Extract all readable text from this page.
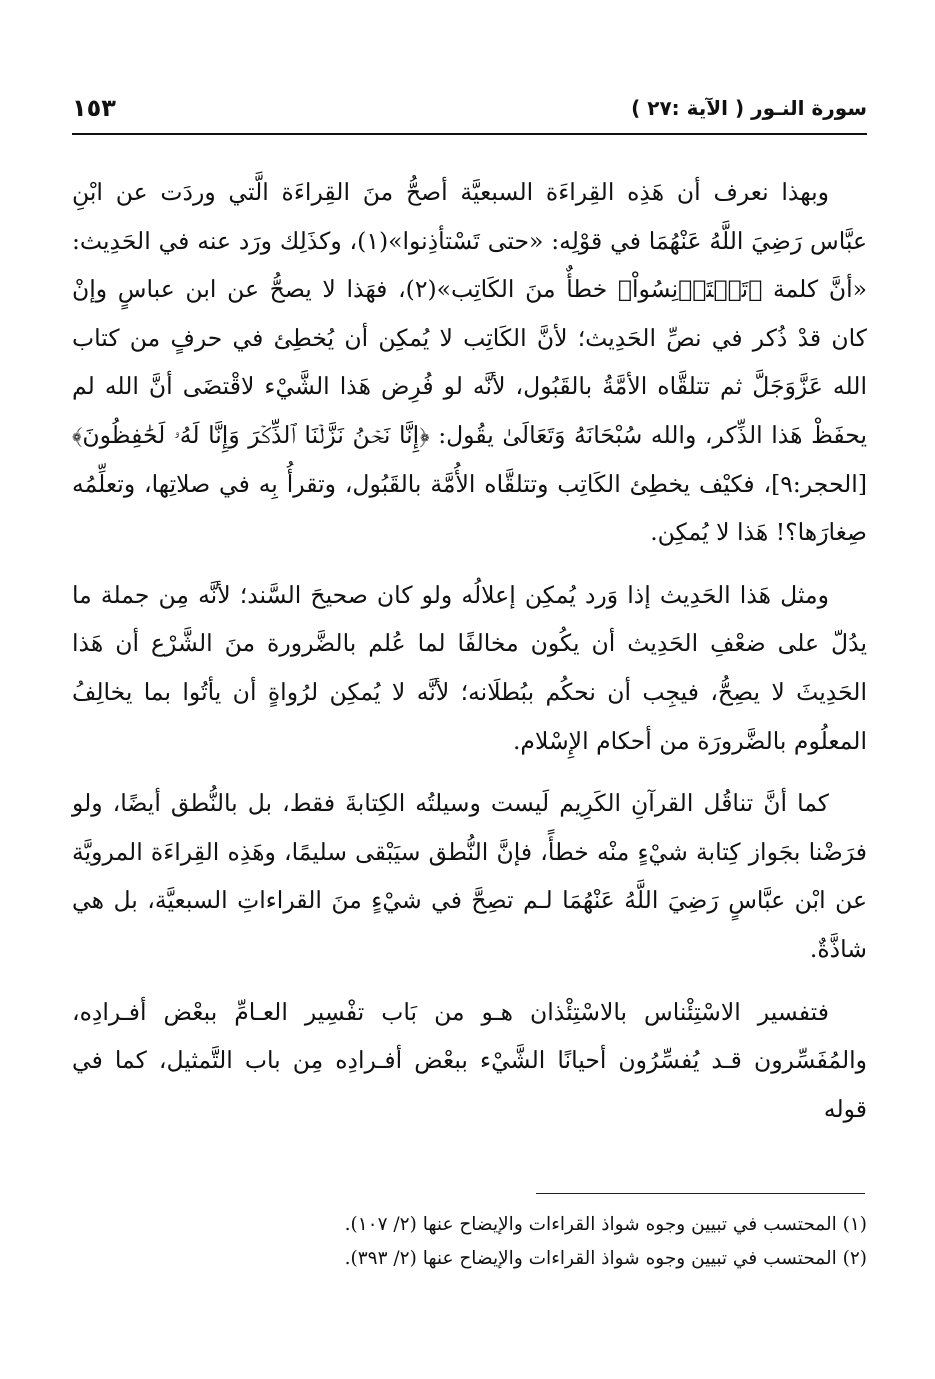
سورة النـور ( الآية :٢٧ )
١٥٣

وبهذا نعرف أن هَذِه القِراءَة السبعيَّة أصحُّ منَ القِراءَة الَّتي وردَت عن ابْنِ عبَّاس رَضِيَ اللَّهُ عَنْهُمَا في قوْلِه: «حتى تَسْتأذِنوا»(١)، وكذَلِك ورَد عنه في الحَدِيث: «أنَّ كلمة ﴿تَسۡتَأۡنِسُواْ﴾ خطأٌ منَ الكَاتِب»(٢)، فهَذا لا يصحُّ عن ابن عباسٍ وإنْ كان قدْ ذُكر في نصِّ الحَدِيث؛ لأنَّ الكَاتِب لا يُمكِن أن يُخطِئ في حرفٍ من كتاب الله عَزَّوَجَلَّ ثم تتلقَّاه الأمَّةُ بالقَبُول، لأنَّه لو فُرِض هَذا الشَّيْء لاقْتضَى أنَّ الله لم يحفَظْ هَذا الذِّكر، والله سُبْحَانَهُ وَتَعَالَىٰ يقُول: ﴿إِنَّا نَحۡنُ نَزَّلۡنَا ٱلذِّكۡرَ وَإِنَّا لَهُۥ لَحَٰفِظُونَ﴾ [الحجر:٩]، فكيْف يخطِئ الكَاتِب وتتلقَّاه الأُمَّة بالقَبُول، وتقرأُ بِه في صلاتِها، وتعلِّمُه صِغارَها؟! هَذا لا يُمكِن.

ومثل هَذا الحَدِيث إذا وَرد يُمكِن إعلالُه ولو كان صحيحَ السَّند؛ لأنَّه مِن جملة ما يدُلّ على ضعْفِ الحَدِيث أن يكُون مخالفًا لما عُلم بالضَّرورة منَ الشَّرْع أن هَذا الحَدِيثَ لا يصِحُّ، فيجِب أن نحكُم ببُطلَانه؛ لأنَّه لا يُمكِن لرُواةٍ أن يأتُوا بما يخالِفُ المعلُوم بالضَّرورَة من أحكام الإِسْلام.

كما أنَّ تناقُل القرآنِ الكَرِيم لَيست وسيلتُه الكِتابةَ فقط، بل بالنُّطق أيضًا، ولو فرَضْنا بجَواز كِتابة شيْءٍ منْه خطأً، فإنَّ النُّطق سيَبْقى سليمًا، وهَذِه القِراءَة المرويَّة عن ابْن عبَّاسٍ رَضِيَ اللَّهُ عَنْهُمَا لـم تصِحَّ في شيْءٍ منَ القراءاتِ السبعيَّة، بل هي شاذَّةٌ.

فتفسير الاسْتِئْناس بالاسْتِئْذان هـو من بَاب تفْسِير العـامِّ ببعْض أفـرادِه، والمُفَسِّرون قـد يُفسِّرُون أحيانًا الشَّيْء ببعْض أفـرادِه مِن باب التَّمثيل، كما في قوله

(١) المحتسب في تبيين وجوه شواذ القراءات والإيضاح عنها (٢/ ١٠٧).

(٢) المحتسب في تبيين وجوه شواذ القراءات والإيضاح عنها (٢/ ٣٩٣).
